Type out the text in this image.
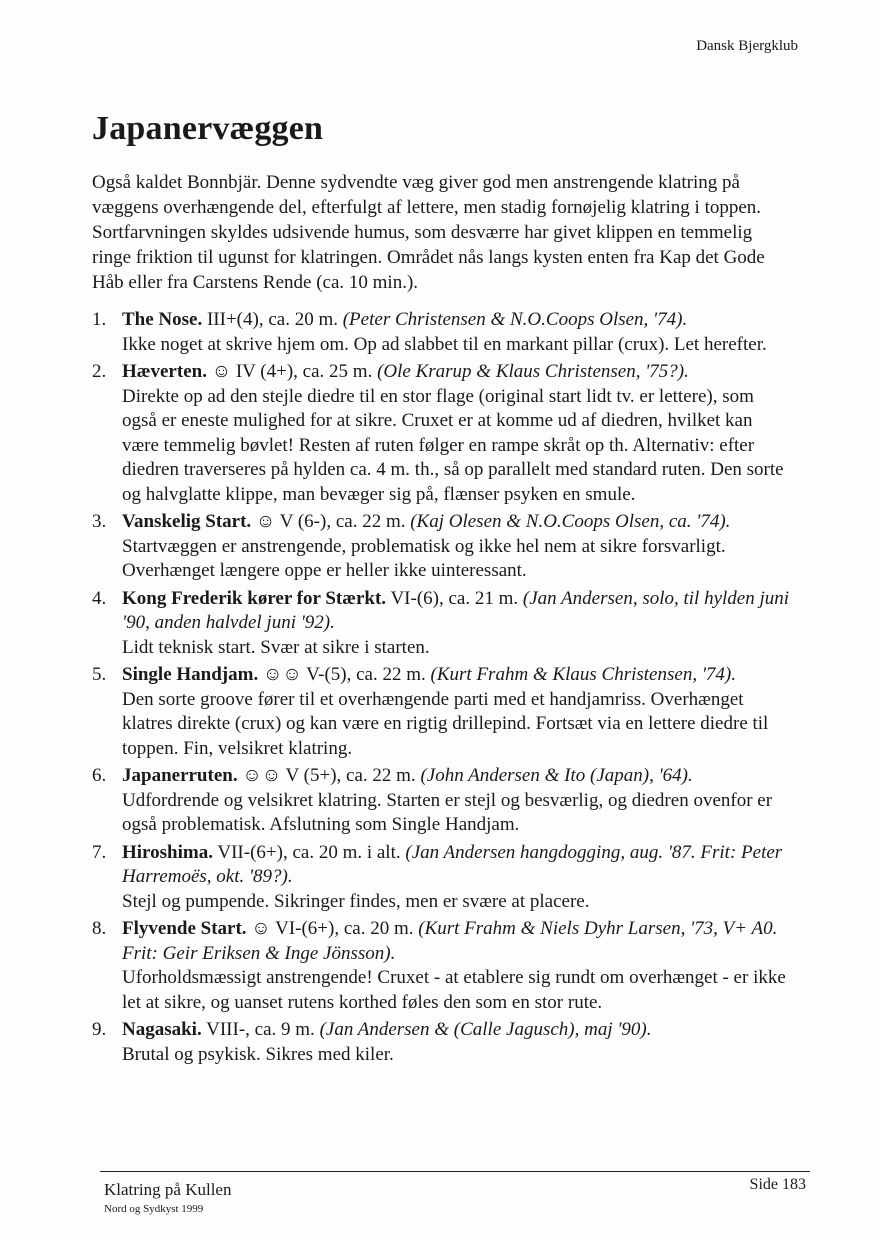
Dansk Bjergklub
Japanervæggen

Også kaldet Bonnbjär. Denne sydvendte væg giver god men anstrengende klatring på væggens overhængende del, efterfulgt af lettere, men stadig fornøjelig klatring i toppen. Sortfarvningen skyldes udsivende humus, som desværre har givet klippen en temmelig ringe friktion til ugunst for klatringen. Området nås langs kysten enten fra Kap det Gode Håb eller fra Carstens Rende (ca. 10 min.).

1. The Nose. III+(4), ca. 20 m. (Peter Christensen & N.O.Coops Olsen, '74).
Ikke noget at skrive hjem om. Op ad slabbet til en markant pillar (crux). Let herefter.
2. Hæverten. ☺ IV (4+), ca. 25 m. (Ole Krarup & Klaus Christensen, '75?).
Direkte op ad den stejle diedre til en stor flage (original start lidt tv. er lettere), som også er eneste mulighed for at sikre. Cruxet er at komme ud af diedren, hvilket kan være temmelig bøvlet! Resten af ruten følger en rampe skråt op th. Alternativ: efter diedren traverseres på hylden ca. 4 m. th., så op parallelt med standard ruten. Den sorte og halvglatte klippe, man bevæger sig på, flænser psyken en smule.
3. Vanskelig Start. ☺ V (6-), ca. 22 m. (Kaj Olesen & N.O.Coops Olsen, ca. '74).
Startvæggen er anstrengende, problematisk og ikke hel nem at sikre forsvarligt. Overhænget længere oppe er heller ikke uinteressant.
4. Kong Frederik kører for Stærkt. VI-(6), ca. 21 m. (Jan Andersen, solo, til hylden juni '90, anden halvdel juni '92).
Lidt teknisk start. Svær at sikre i starten.
5. Single Handjam. ☺☺ V-(5), ca. 22 m. (Kurt Frahm & Klaus Christensen, '74).
Den sorte groove fører til et overhængende parti med et handjamriss. Overhænget klatres direkte (crux) og kan være en rigtig drillepind. Fortsæt via en lettere diedre til toppen. Fin, velsikret klatring.
6. Japanerruten. ☺☺ V (5+), ca. 22 m. (John Andersen & Ito (Japan), '64).
Udfordrende og velsikret klatring. Starten er stejl og besværlig, og diedren ovenfor er også problematisk. Afslutning som Single Handjam.
7. Hiroshima. VII-(6+), ca. 20 m. i alt. (Jan Andersen hangdogging, aug. '87. Frit: Peter Harremoës, okt. '89?).
Stejl og pumpende. Sikringer findes, men er svære at placere.
8. Flyvende Start. ☺ VI-(6+), ca. 20 m. (Kurt Frahm & Niels Dyhr Larsen, '73, V+ A0. Frit: Geir Eriksen & Inge Jönsson).
Uforholdsmæssigt anstrengende! Cruxet - at etablere sig rundt om overhænget - er ikke let at sikre, og uanset rutens korthed føles den som en stor rute.
9. Nagasaki. VIII-, ca. 9 m. (Jan Andersen & (Calle Jagusch), maj '90).
Brutal og psykisk. Sikres med kiler.
Klatring på Kullen
Nord og Sydkyst 1999
Side 183
